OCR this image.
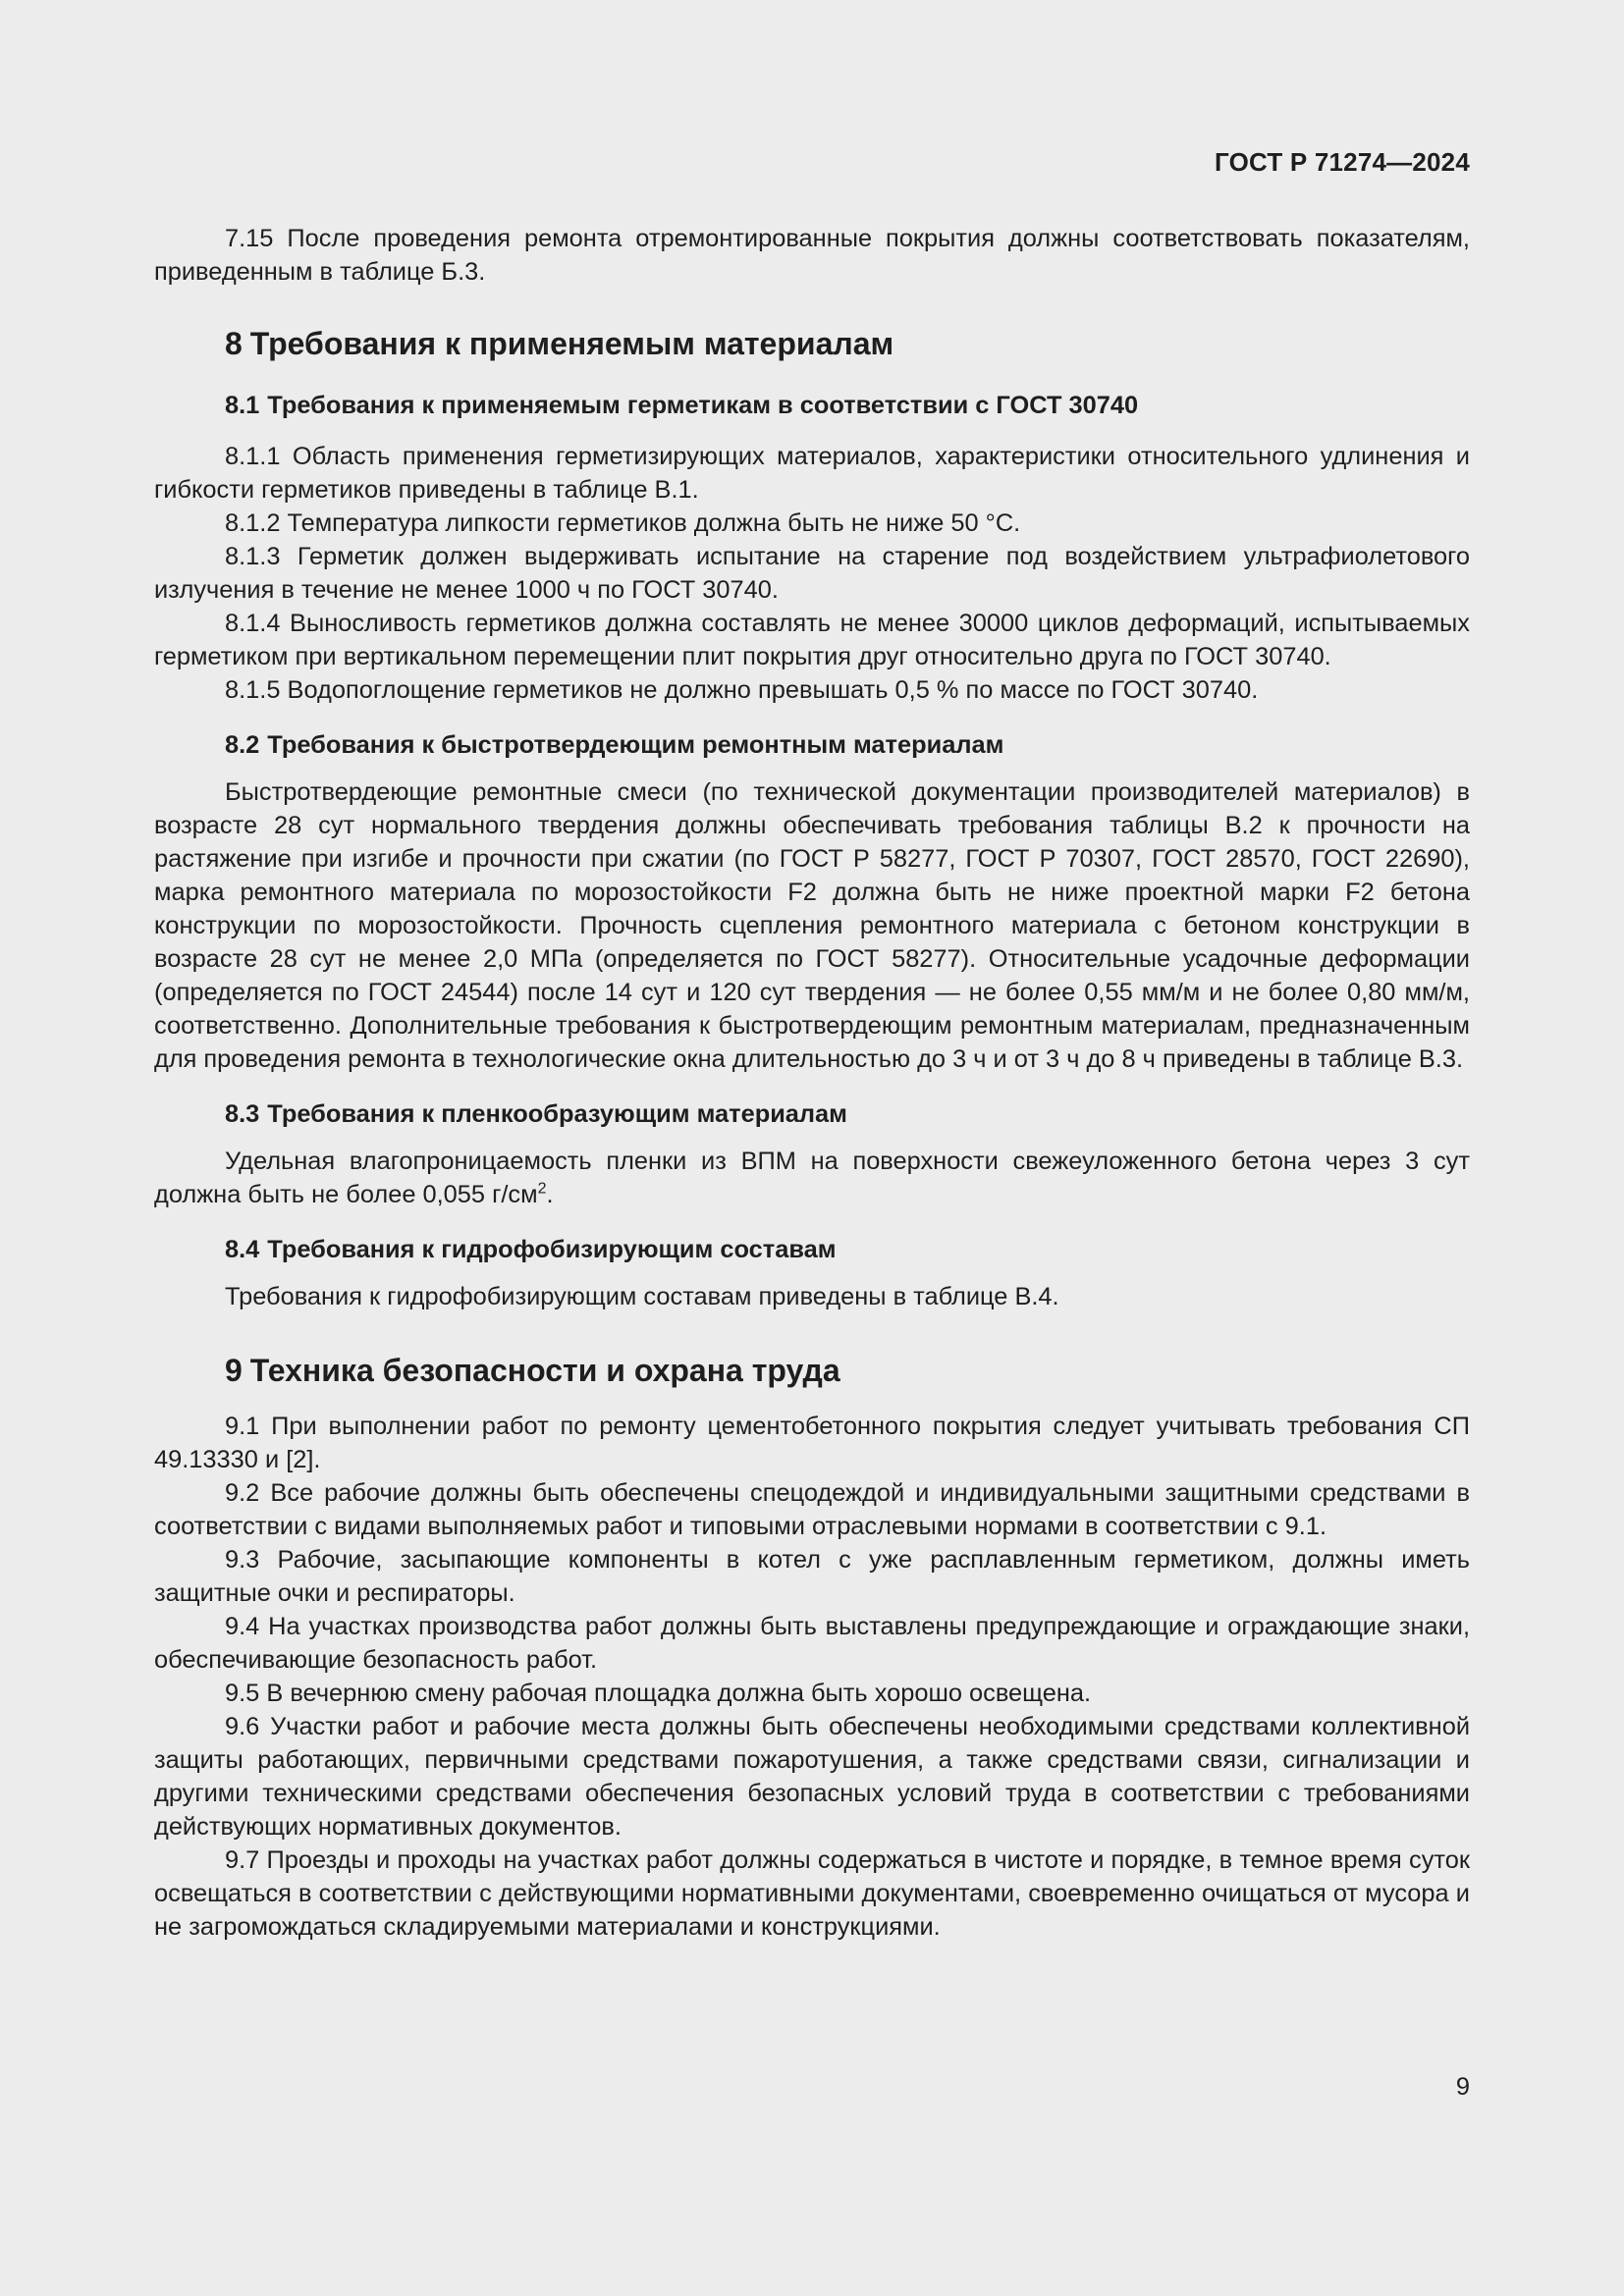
ГОСТ Р 71274—2024

7.15 После проведения ремонта отремонтированные покрытия должны соответствовать показателям, приведенным в таблице Б.3.

8 Требования к применяемым материалам
8.1 Требования к применяемым герметикам в соответствии с ГОСТ 30740

8.1.1 Область применения герметизирующих материалов, характеристики относительного удлинения и гибкости герметиков приведены в таблице В.1.

8.1.2 Температура липкости герметиков должна быть не ниже 50 °С.

8.1.3 Герметик должен выдерживать испытание на старение под воздействием ультрафиолетового излучения в течение не менее 1000 ч по ГОСТ 30740.

8.1.4 Выносливость герметиков должна составлять не менее 30000 циклов деформаций, испытываемых герметиком при вертикальном перемещении плит покрытия друг относительно друга по ГОСТ 30740.

8.1.5 Водопоглощение герметиков не должно превышать 0,5 % по массе по ГОСТ 30740.

8.2 Требования к быстротвердеющим ремонтным материалам

Быстротвердеющие ремонтные смеси (по технической документации производителей материалов) в возрасте 28 сут нормального твердения должны обеспечивать требования таблицы В.2 к прочности на растяжение при изгибе и прочности при сжатии (по ГОСТ Р 58277, ГОСТ Р 70307, ГОСТ 28570, ГОСТ 22690), марка ремонтного материала по морозостойкости F2 должна быть не ниже проектной марки F2 бетона конструкции по морозостойкости. Прочность сцепления ремонтного материала с бетоном конструкции в возрасте 28 сут не менее 2,0 МПа (определяется по ГОСТ 58277). Относительные усадочные деформации (определяется по ГОСТ 24544) после 14 сут и 120 сут твердения — не более 0,55 мм/м и не более 0,80 мм/м, соответственно. Дополнительные требования к быстротвердеющим ремонтным материалам, предназначенным для проведения ремонта в технологические окна длительностью до 3 ч и от 3 ч до 8 ч приведены в таблице В.3.

8.3 Требования к пленкообразующим материалам

Удельная влагопроницаемость пленки из ВПМ на поверхности свежеуложенного бетона через 3 сут должна быть не более 0,055 $г/см^2$.

8.4 Требования к гидрофобизирующим составам

Требования к гидрофобизирующим составам приведены в таблице В.4.

9 Техника безопасности и охрана труда

9.1 При выполнении работ по ремонту цементобетонного покрытия следует учитывать требования СП 49.13330 и [2].

9.2 Все рабочие должны быть обеспечены спецодеждой и индивидуальными защитными средствами в соответствии с видами выполняемых работ и типовыми отраслевыми нормами в соответствии с 9.1.

9.3 Рабочие, засыпающие компоненты в котел с уже расплавленным герметиком, должны иметь защитные очки и респираторы.

9.4 На участках производства работ должны быть выставлены предупреждающие и ограждающие знаки, обеспечивающие безопасность работ.

9.5 В вечернюю смену рабочая площадка должна быть хорошо освещена.

9.6 Участки работ и рабочие места должны быть обеспечены необходимыми средствами коллективной защиты работающих, первичными средствами пожаротушения, а также средствами связи, сигнализации и другими техническими средствами обеспечения безопасных условий труда в соответствии с требованиями действующих нормативных документов.

9.7 Проезды и проходы на участках работ должны содержаться в чистоте и порядке, в темное время суток освещаться в соответствии с действующими нормативными документами, своевременно очищаться от мусора и не загромождаться складируемыми материалами и конструкциями.

9
